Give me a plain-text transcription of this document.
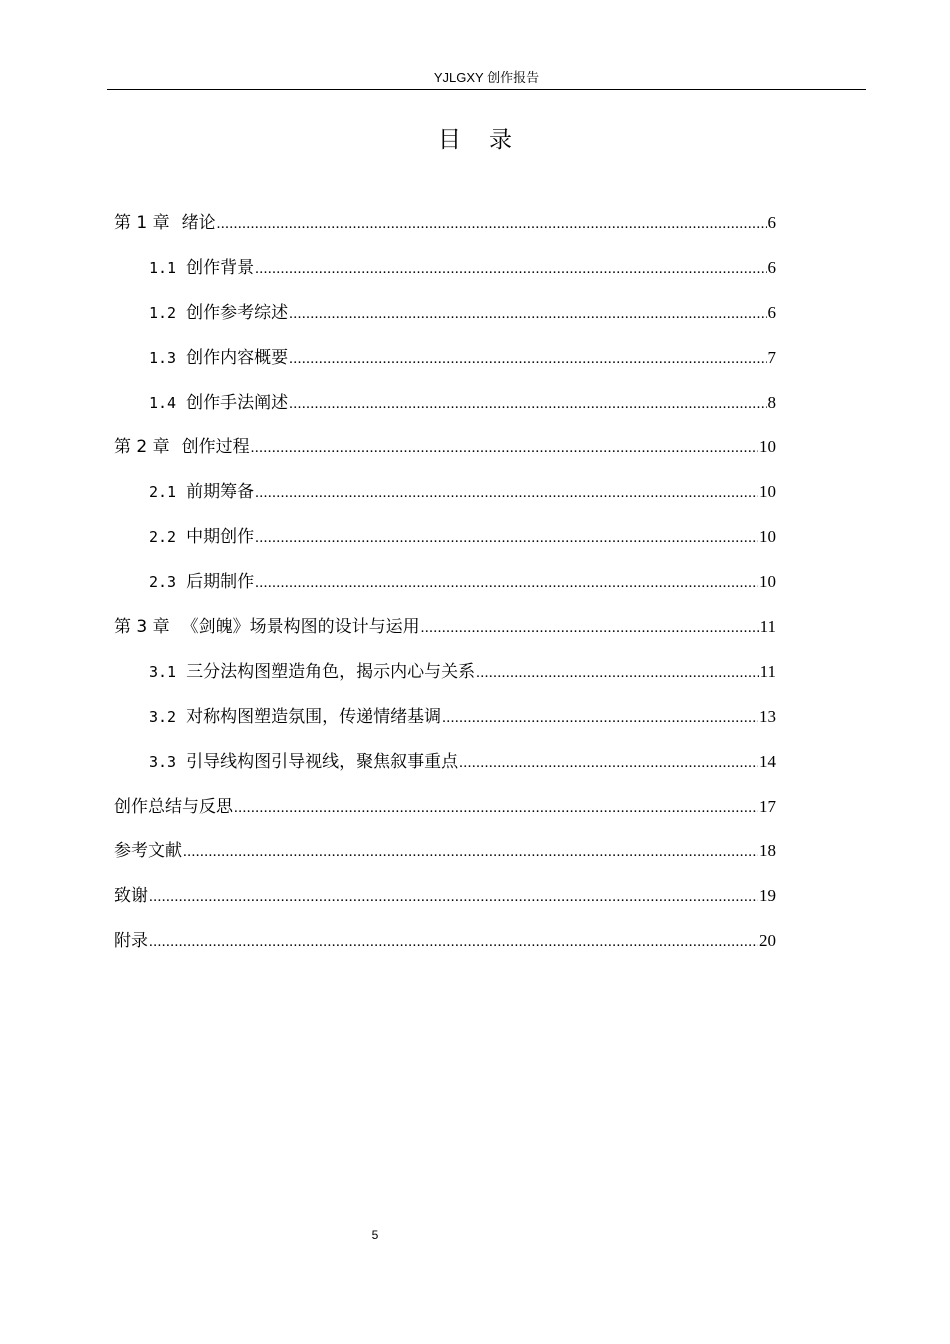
YJLGXY 创作报告
目 录
第 1 章 绪论 .....	6
1.1 创作背景 .....	6
1.2 创作参考综述 .....	6
1.3 创作内容概要 .....	7
1.4 创作手法阐述 .....	8
第 2 章 创作过程 .....	10
2.1 前期筹备 .....	10
2.2 中期创作 .....	10
2.3 后期制作 .....	10
第 3 章 《剑魄》场景构图的设计与运用 .....	11
3.1 三分法构图塑造角色，揭示内心与关系 .....	11
3.2 对称构图塑造氛围，传递情绪基调 .....	13
3.3 引导线构图引导视线，聚焦叙事重点 .....	14
创作总结与反思 .....	17
参考文献 .....	18
致谢 .....	19
附录 .....	20
5
